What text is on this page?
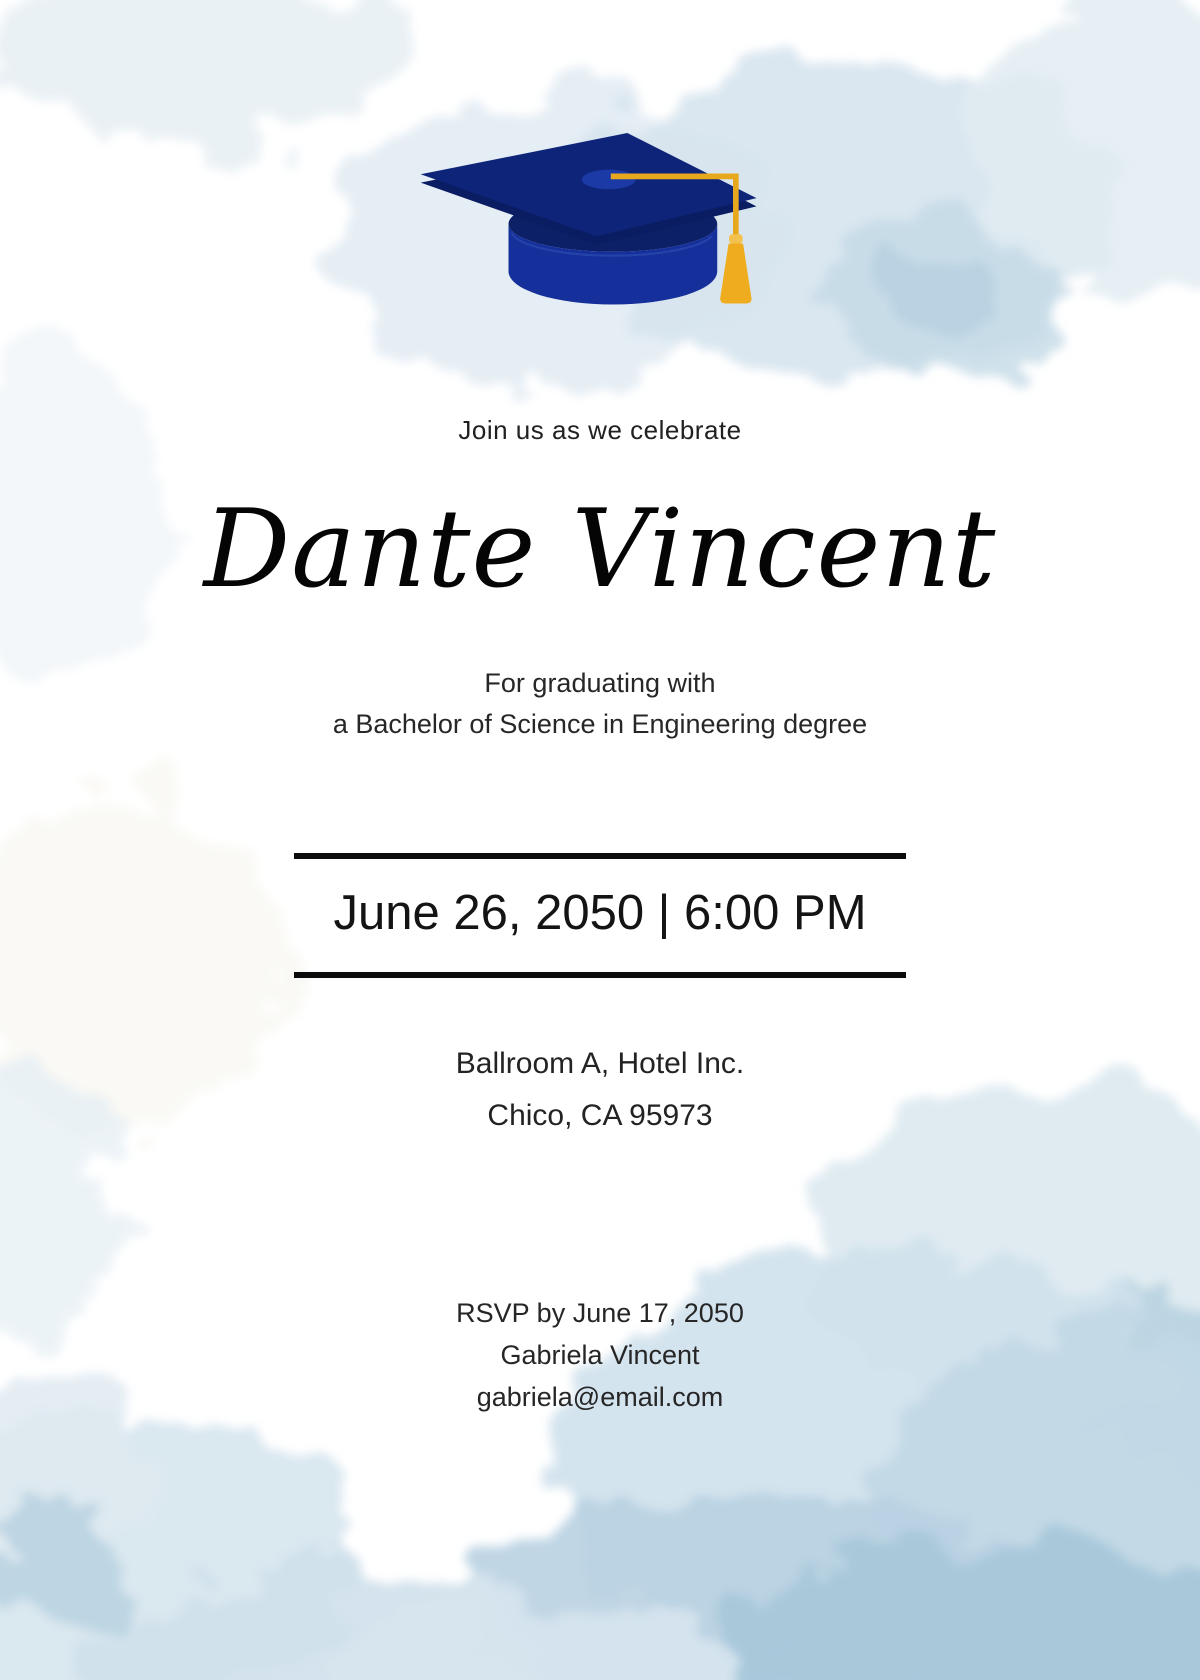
Join us as we celebrate
Dante Vincent
For graduating with
a Bachelor of Science in Engineering degree
June 26, 2050 | 6:00 PM
Ballroom A, Hotel Inc.
Chico, CA 95973
RSVP by June 17, 2050
Gabriela Vincent
gabriela@email.com
